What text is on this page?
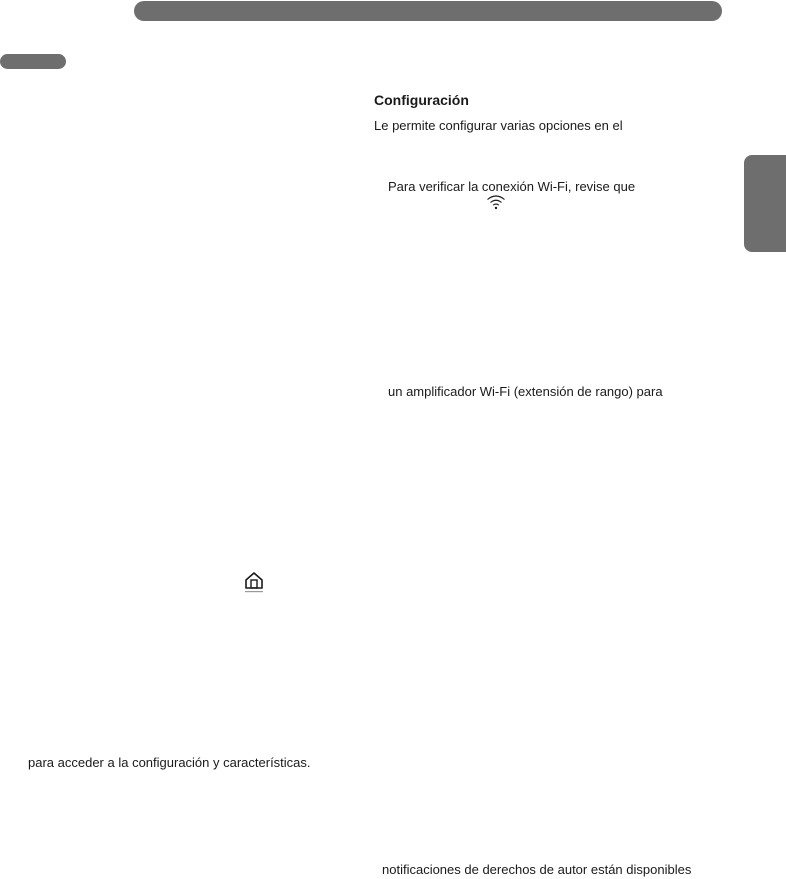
Configuración
Le permite configurar varias opciones en el
Para verificar la conexión Wi-Fi, revise que
un amplificador Wi-Fi (extensión de rango) para
para acceder a la configuración y características.
notificaciones de derechos de autor están disponibles
